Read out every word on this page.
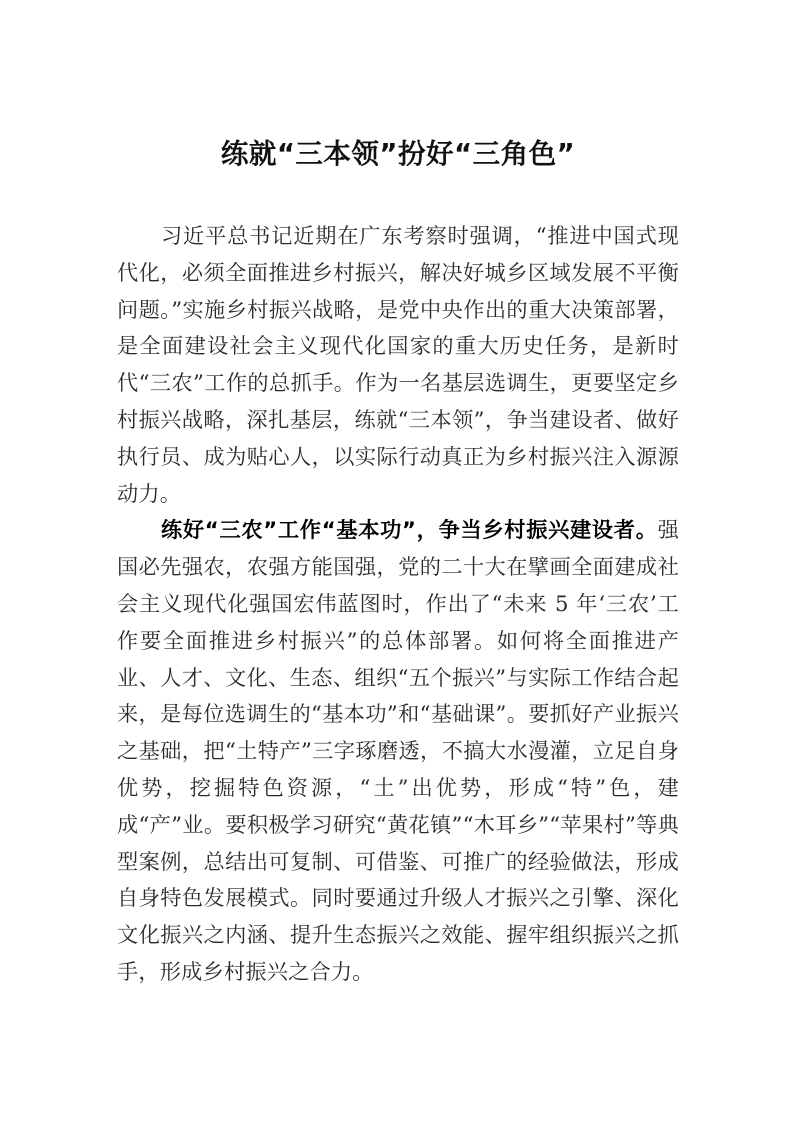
练就“三本领”扮好“三角色”

习近平总书记近期在广东考察时强调，“推进中国式现代化，必须全面推进乡村振兴，解决好城乡区域发展不平衡问题。”实施乡村振兴战略，是党中央作出的重大决策部署，是全面建设社会主义现代化国家的重大历史任务，是新时代“三农”工作的总抓手。作为一名基层选调生，更要坚定乡村振兴战略，深扎基层，练就“三本领”，争当建设者、做好执行员、成为贴心人，以实际行动真正为乡村振兴注入源源动力。

练好“三农”工作“基本功”，争当乡村振兴建设者。强国必先强农，农强方能国强，党的二十大在擘画全面建成社会主义现代化强国宏伟蓝图时，作出了“未来 5 年‘三农’工作要全面推进乡村振兴”的总体部署。如何将全面推进产业、人才、文化、生态、组织“五个振兴”与实际工作结合起来，是每位选调生的“基本功”和“基础课”。要抓好产业振兴之基础，把“土特产”三字琢磨透，不搞大水漫灌，立足自身优势，挖掘特色资源，“土”出优势，形成“特”色，建成“产”业。要积极学习研究“黄花镇”“木耳乡”“苹果村”等典型案例，总结出可复制、可借鉴、可推广的经验做法，形成自身特色发展模式。同时要通过升级人才振兴之引擎、深化文化振兴之内涵、提升生态振兴之效能、握牢组织振兴之抓手，形成乡村振兴之合力。
